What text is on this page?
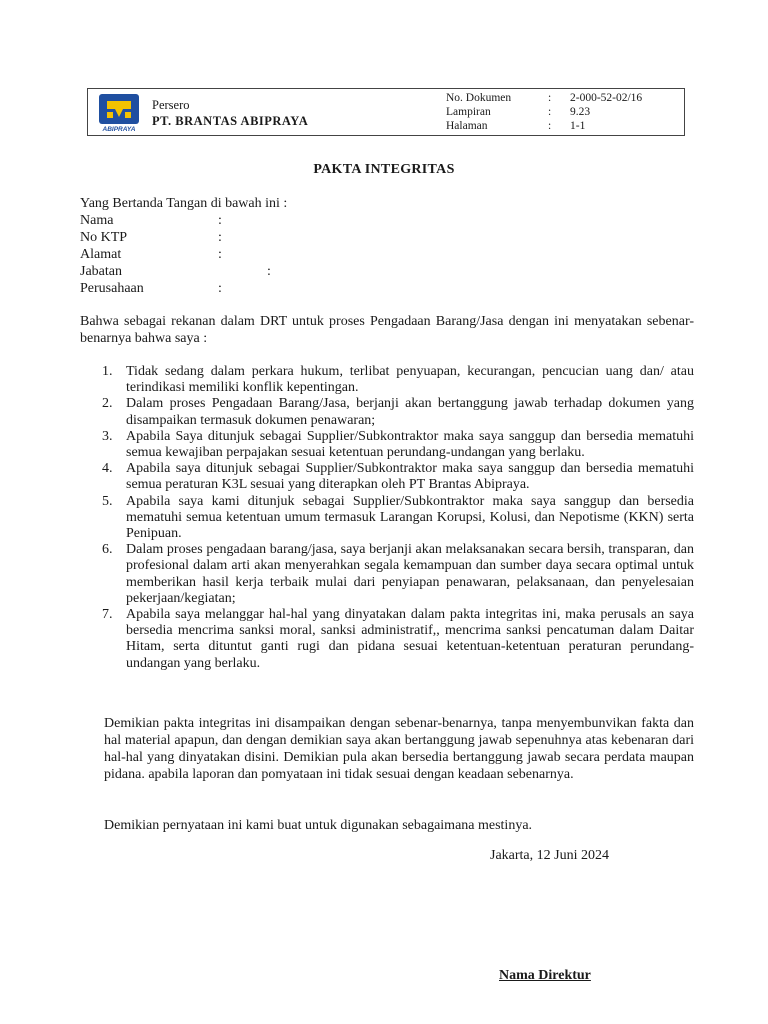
ABIPRAYA
Persero
PT. BRANTAS ABIPRAYA
No. Dokumen	:	2-000-52-02/16
Lampiran	:	9.23
Halaman	:	1-1
PAKTA INTEGRITAS
Yang Bertanda Tangan di bawah ini :
Nama	:
No KTP	:
Alamat	:
Jabatan	:
Perusahaan	:
Bahwa sebagai rekanan dalam DRT untuk proses Pengadaan Barang/Jasa dengan ini menyatakan sebenar-benarnya bahwa saya :
1. Tidak sedang dalam perkara hukum, terlibat penyuapan, kecurangan, pencucian uang dan/ atau terindikasi memiliki konflik kepentingan.
2. Dalam proses Pengadaan Barang/Jasa, berjanji akan bertanggung jawab terhadap dokumen yang disampaikan termasuk dokumen penawaran;
3. Apabila Saya ditunjuk sebagai Supplier/Subkontraktor maka saya sanggup dan bersedia mematuhi semua kewajiban perpajakan sesuai ketentuan perundang-undangan yang berlaku.
4. Apabila saya ditunjuk sebagai Supplier/Subkontraktor maka saya sanggup dan bersedia mematuhi semua peraturan K3L sesuai yang diterapkan oleh PT Brantas Abipraya.
5. Apabila saya kami ditunjuk sebagai Supplier/Subkontraktor maka saya sanggup dan bersedia mematuhi semua ketentuan umum termasuk Larangan Korupsi, Kolusi, dan Nepotisme (KKN) serta Penipuan.
6. Dalam proses pengadaan barang/jasa, saya berjanji akan melaksanakan secara bersih, transparan, dan profesional dalam arti akan menyerahkan segala kemampuan dan sumber daya secara optimal untuk memberikan hasil kerja terbaik mulai dari penyiapan penawaran, pelaksanaan, dan penyelesaian pekerjaan/kegiatan;
7. Apabila saya melanggar hal-hal yang dinyatakan dalam pakta integritas ini, maka perusals an saya bersedia mencrima sanksi moral, sanksi administratif,, mencrima sanksi pencatuman dalam Daitar Hitam, serta dituntut ganti rugi dan pidana sesuai ketentuan-ketentuan peraturan perundang-undangan yang berlaku.
Demikian pakta integritas ini disampaikan dengan sebenar-benarnya, tanpa menyembunvikan fakta dan hal material apapun, dan dengan demikian saya akan bertanggung jawab sepenuhnya atas kebenaran dari hal-hal yang dinyatakan disini. Demikian pula akan bersedia bertanggung jawab secara perdata maupan pidana. apabila laporan dan pomyataan ini tidak sesuai dengan keadaan sebenarnya.
Demikian pernyataan ini kami buat untuk digunakan sebagaimana mestinya.
Jakarta, 12 Juni 2024
Nama Direktur
